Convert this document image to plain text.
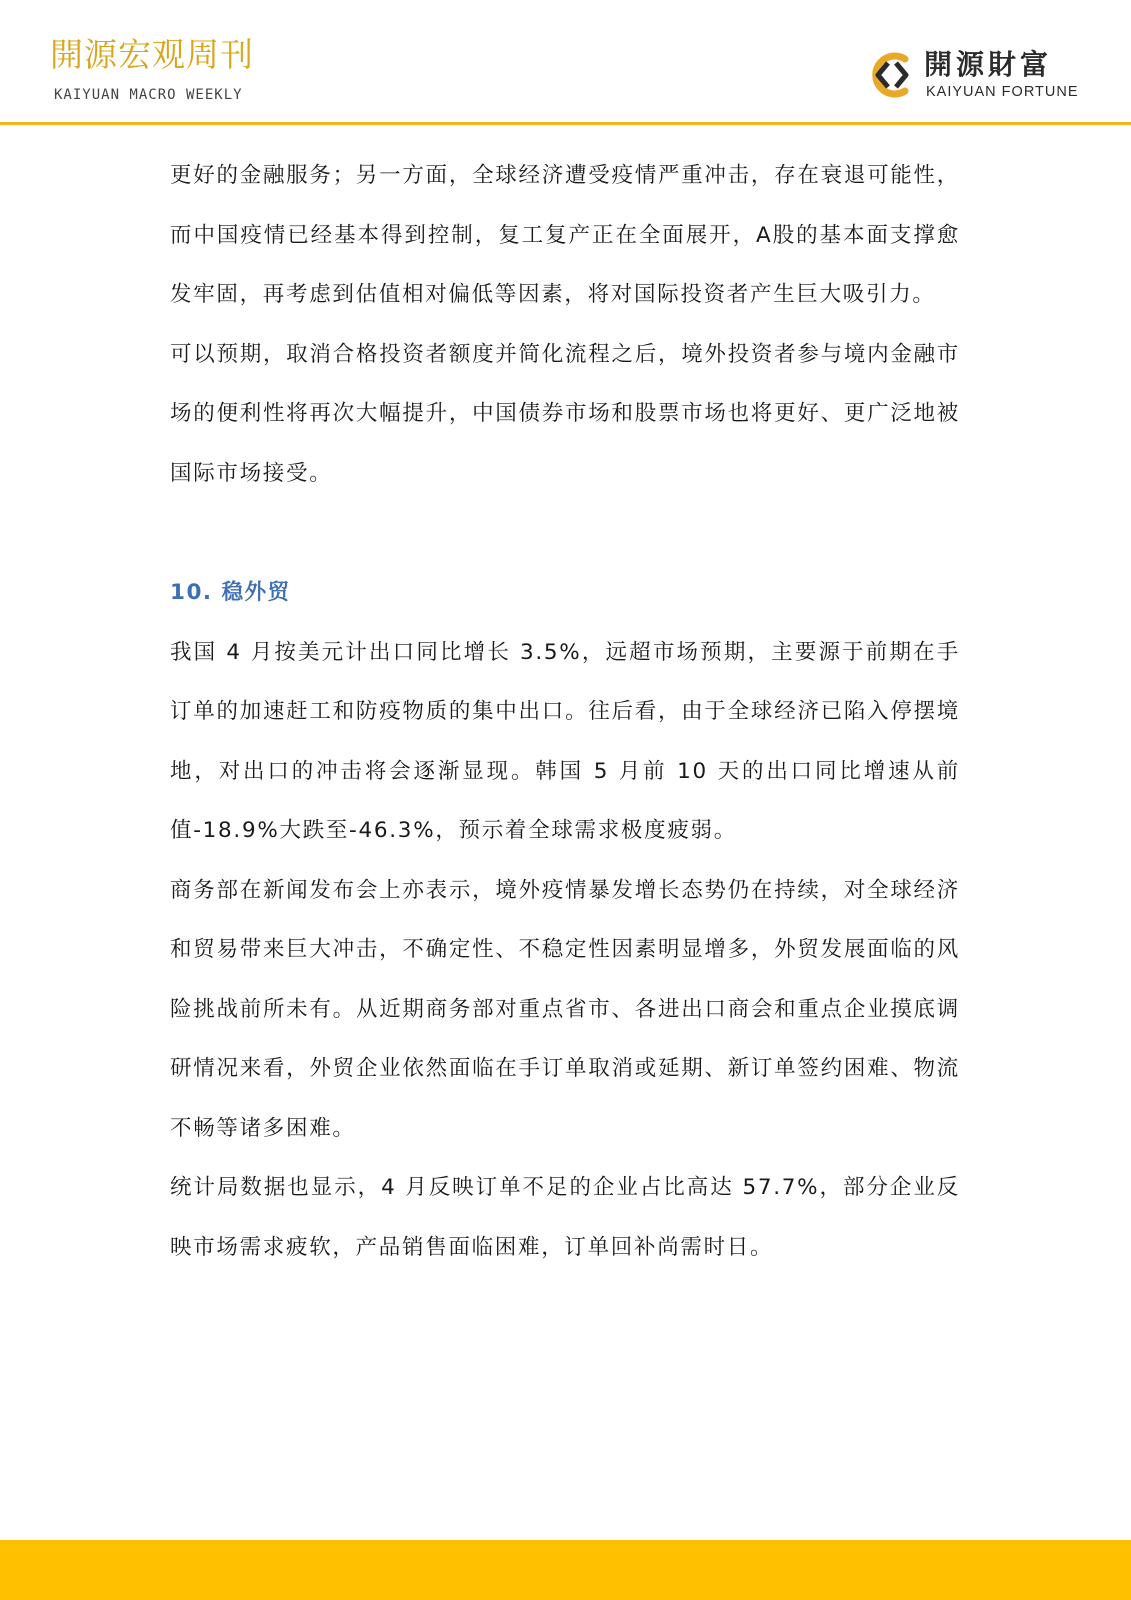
開源宏观周刊
KAIYUAN MACRO WEEKLY
開源財富
KAIYUAN FORTUNE

更好的金融服务；另一方面，全球经济遭受疫情严重冲击，存在衰退可能性，而中国疫情已经基本得到控制，复工复产正在全面展开，A股的基本面支撑愈发牢固，再考虑到估值相对偏低等因素，将对国际投资者产生巨大吸引力。

可以预期，取消合格投资者额度并简化流程之后，境外投资者参与境内金融市场的便利性将再次大幅提升，中国债券市场和股票市场也将更好、更广泛地被国际市场接受。

10. 稳外贸

我国 4 月按美元计出口同比增长 3.5%，远超市场预期，主要源于前期在手订单的加速赶工和防疫物质的集中出口。往后看，由于全球经济已陷入停摆境地，对出口的冲击将会逐渐显现。韩国 5 月前 10 天的出口同比增速从前值-18.9%大跌至-46.3%，预示着全球需求极度疲弱。

商务部在新闻发布会上亦表示，境外疫情暴发增长态势仍在持续，对全球经济和贸易带来巨大冲击，不确定性、不稳定性因素明显增多，外贸发展面临的风险挑战前所未有。从近期商务部对重点省市、各进出口商会和重点企业摸底调研情况来看，外贸企业依然面临在手订单取消或延期、新订单签约困难、物流不畅等诸多困难。

统计局数据也显示，4 月反映订单不足的企业占比高达 57.7%，部分企业反映市场需求疲软，产品销售面临困难，订单回补尚需时日。
